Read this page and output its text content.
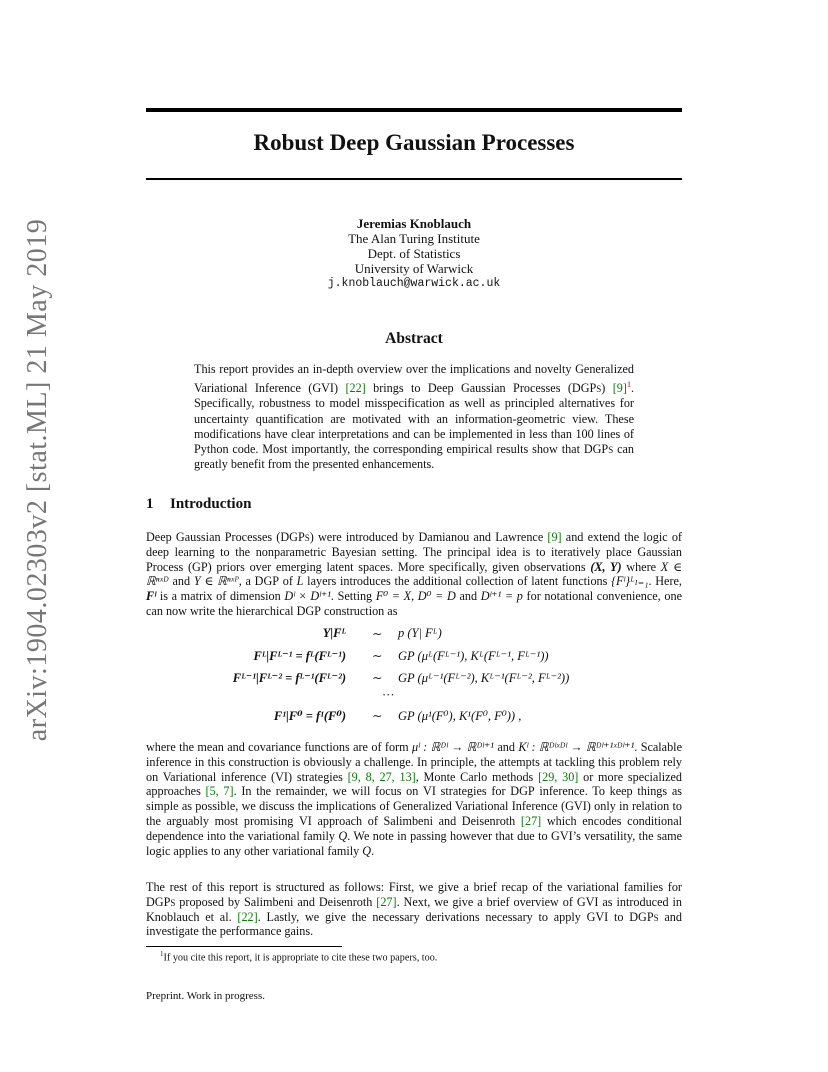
arXiv:1904.02303v2 [stat.ML] 21 May 2019
Robust Deep Gaussian Processes
Jeremias Knoblauch
The Alan Turing Institute
Dept. of Statistics
University of Warwick
j.knoblauch@warwick.ac.uk
Abstract
This report provides an in-depth overview over the implications and novelty Generalized Variational Inference (GVI) [22] brings to Deep Gaussian Processes (DGPs) [9]$^1$. Specifically, robustness to model misspecification as well as principled alternatives for uncertainty quantification are motivated with an information-geometric view. These modifications have clear interpretations and can be implemented in less than 100 lines of Python code. Most importantly, the corresponding empirical results show that DGPs can greatly benefit from the presented enhancements.
1 Introduction

Deep Gaussian Processes (DGPs) were introduced by Damianou and Lawrence [9] and extend the logic of deep learning to the nonparametric Bayesian setting. The principal idea is to iteratively place Gaussian Process (GP) priors over emerging latent spaces. More specifically, given observations (X, Y) where X ∈ ℝⁿˣᴰ and Y ∈ ℝⁿˣᴾ, a DGP of L layers introduces the additional collection of latent functions {Fˡ}ᴸₗ₌₁. Here, Fˡ is a matrix of dimension Dˡ × Dˡ⁺¹. Setting F⁰ = X, D⁰ = D and Dˡ⁺¹ = p for notational convenience, one can now write the hierarchical DGP construction as

Y|Fᴸ ∼ p (Y| Fᴸ)
Fᴸ|Fᴸ⁻¹ = fᴸ(Fᴸ⁻¹) ∼ GP (μᴸ(Fᴸ⁻¹), Kᴸ(Fᴸ⁻¹, Fᴸ⁻¹))
Fᴸ⁻¹|Fᴸ⁻² = fᴸ⁻¹(Fᴸ⁻²) ∼ GP (μᴸ⁻¹(Fᴸ⁻²), Kᴸ⁻¹(Fᴸ⁻², Fᴸ⁻²))
···
F¹|F⁰ = f¹(F⁰) ∼ GP (μ¹(F⁰), K¹(F⁰, F⁰)) ,

where the mean and covariance functions are of form μˡ : ℝᴰˡ → ℝᴰˡ⁺¹ and Kˡ : ℝᴰˡˣᴰˡ → ℝᴰˡ⁺¹ˣᴰˡ⁺¹. Scalable inference in this construction is obviously a challenge. In principle, the attempts at tackling this problem rely on Variational inference (VI) strategies [9, 8, 27, 13], Monte Carlo methods [29, 30] or more specialized approaches [5, 7]. In the remainder, we will focus on VI strategies for DGP inference. To keep things as simple as possible, we discuss the implications of Generalized Variational Inference (GVI) only in relation to the arguably most promising VI approach of Salimbeni and Deisenroth [27] which encodes conditional dependence into the variational family Q. We note in passing however that due to GVI’s versatility, the same logic applies to any other variational family Q.

The rest of this report is structured as follows: First, we give a brief recap of the variational families for DGPs proposed by Salimbeni and Deisenroth [27]. Next, we give a brief overview of GVI as introduced in Knoblauch et al. [22]. Lastly, we give the necessary derivations necessary to apply GVI to DGPs and investigate the performance gains.

$^1$If you cite this report, it is appropriate to cite these two papers, too.
Preprint. Work in progress.
